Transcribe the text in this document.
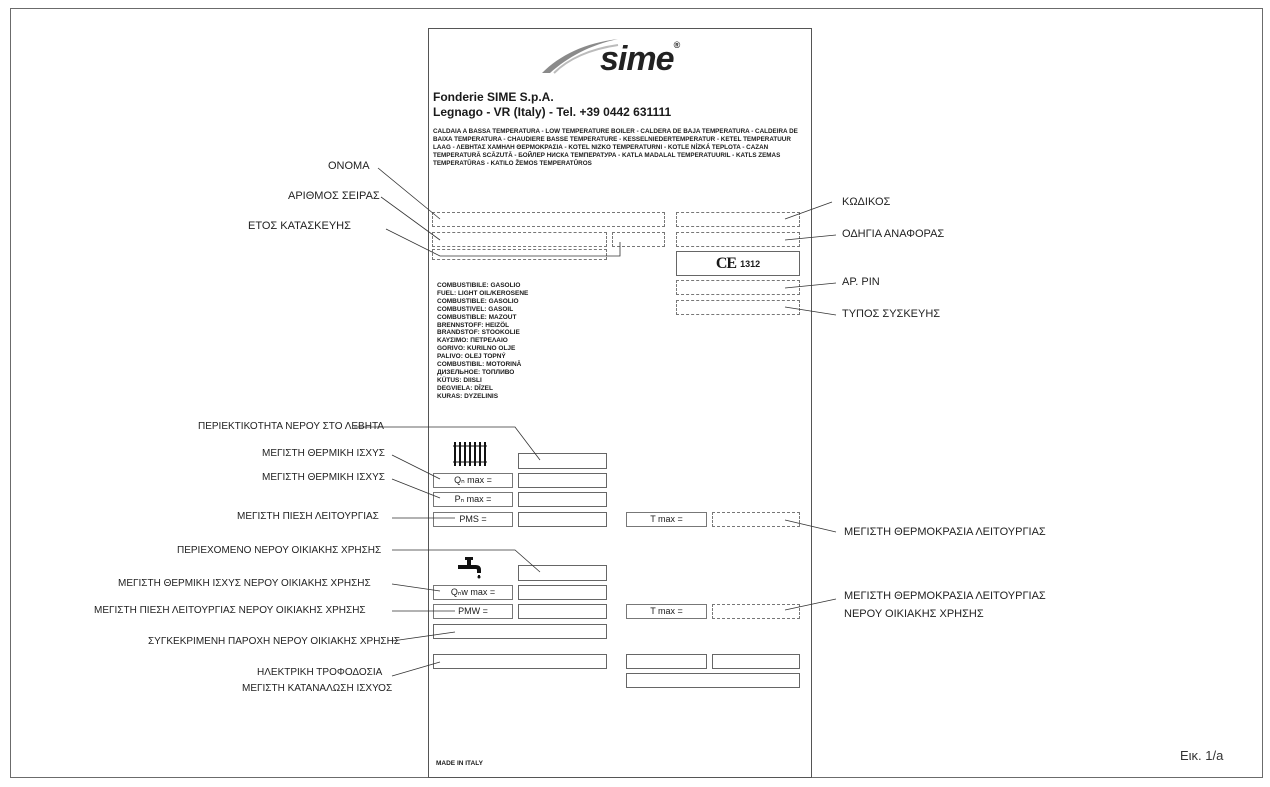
sime®
Fonderie SIME S.p.A.
Legnago - VR (Italy) - Tel. +39 0442 631111
CALDAIA A BASSA TEMPERATURA - LOW TEMPERATURE BOILER - CALDERA DE BAJA TEMPERATURA - CALDEIRA DE BAIXA TEMPERATURA - CHAUDIERE BASSE TEMPERATURE - KESSELNIEDERTEMPERATUR - KETEL TEMPERATUUR LAAG - ΛΕΒΗΤΑΣ ΧΑΜΗΛΗ ΘΕΡΜΟΚΡΑΣΙΑ - KOTEL NIZKO TEMPERATURNI - KOTLE NÍZKÁ TEPLOTA - CAZAN TEMPERATURĂ SCĂZUTĂ - БОЙЛЕР НИСКА ТЕМПЕРАТУРА - KATLA MADALAL TEMPERATUURIL - KATLS ZEMAS TEMPERATŪRAS - KATILO ŽEMOS TEMPERATŪROS
CE 1312
COMBUSTIBILE: GASOLIO
FUEL: LIGHT OIL/KEROSENE
COMBUSTIBLE: GASOLIO
COMBUSTIVEL: GASOIL
COMBUSTIBLE: MAZOUT
BRENNSTOFF: HEIZÖL
BRANDSTOF: STOOKOLIE
ΚΑΥΣΙΜΟ: ΠΕΤΡΕΛΑΙΟ
GORIVO: KURILNO OLJE
PALIVO: OLEJ TOPNÝ
COMBUSTIBIL: MOTORINĂ
ДИЗЕЛЬНОЕ: ТОПЛИВО
KÜTUS: DIISLI
DEGVIELA: DĪZEL
KURAS: DYZELINIS
Qₙ max =
Pₙ max =
PMS =	T max =
Qₙw max =
PMW =	T max =
MADE IN ITALY
ΟΝΟΜΑ
ΑΡΙΘΜΟΣ ΣΕΙΡΑΣ
ΕΤΟΣ ΚΑΤΑΣΚΕΥΗΣ
ΚΩΔΙΚΟΣ
ΟΔΗΓΙΑ ΑΝΑΦΟΡΑΣ
ΑΡ. PIN
ΤΥΠΟΣ ΣΥΣΚΕΥΗΣ
ΠΕΡΙΕΚΤΙΚΟΤΗΤΑ ΝΕΡΟΥ ΣΤΟ ΛΕΒΗΤΑ
ΜΕΓΙΣΤΗ ΘΕΡΜΙΚΗ ΙΣΧΥΣ
ΜΕΓΙΣΤΗ ΘΕΡΜΙΚΗ ΙΣΧΥΣ
ΜΕΓΙΣΤΗ ΠΙΕΣΗ ΛΕΙΤΟΥΡΓΙΑΣ
ΜΕΓΙΣΤΗ ΘΕΡΜΟΚΡΑΣΙΑ ΛΕΙΤΟΥΡΓΙΑΣ
ΠΕΡΙΕΧΟΜΕΝΟ ΝΕΡΟΥ ΟΙΚΙΑΚΗΣ ΧΡΗΣΗΣ
ΜΕΓΙΣΤΗ ΘΕΡΜΙΚΗ ΙΣΧΥΣ ΝΕΡΟΥ ΟΙΚΙΑΚΗΣ ΧΡΗΣΗΣ
ΜΕΓΙΣΤΗ ΠΙΕΣΗ ΛΕΙΤΟΥΡΓΙΑΣ ΝΕΡΟΥ ΟΙΚΙΑΚΗΣ ΧΡΗΣΗΣ
ΜΕΓΙΣΤΗ ΘΕΡΜΟΚΡΑΣΙΑ ΛΕΙΤΟΥΡΓΙΑΣ
ΝΕΡΟΥ ΟΙΚΙΑΚΗΣ ΧΡΗΣΗΣ
ΣΥΓΚΕΚΡΙΜΕΝΗ ΠΑΡΟΧΗ ΝΕΡΟΥ ΟΙΚΙΑΚΗΣ ΧΡΗΣΗΣ
ΗΛΕΚΤΡΙΚΗ ΤΡΟΦΟΔΟΣΙΑ
ΜΕΓΙΣΤΗ ΚΑΤΑΝΑΛΩΣΗ ΙΣΧΥΟΣ
Εικ. 1/a
